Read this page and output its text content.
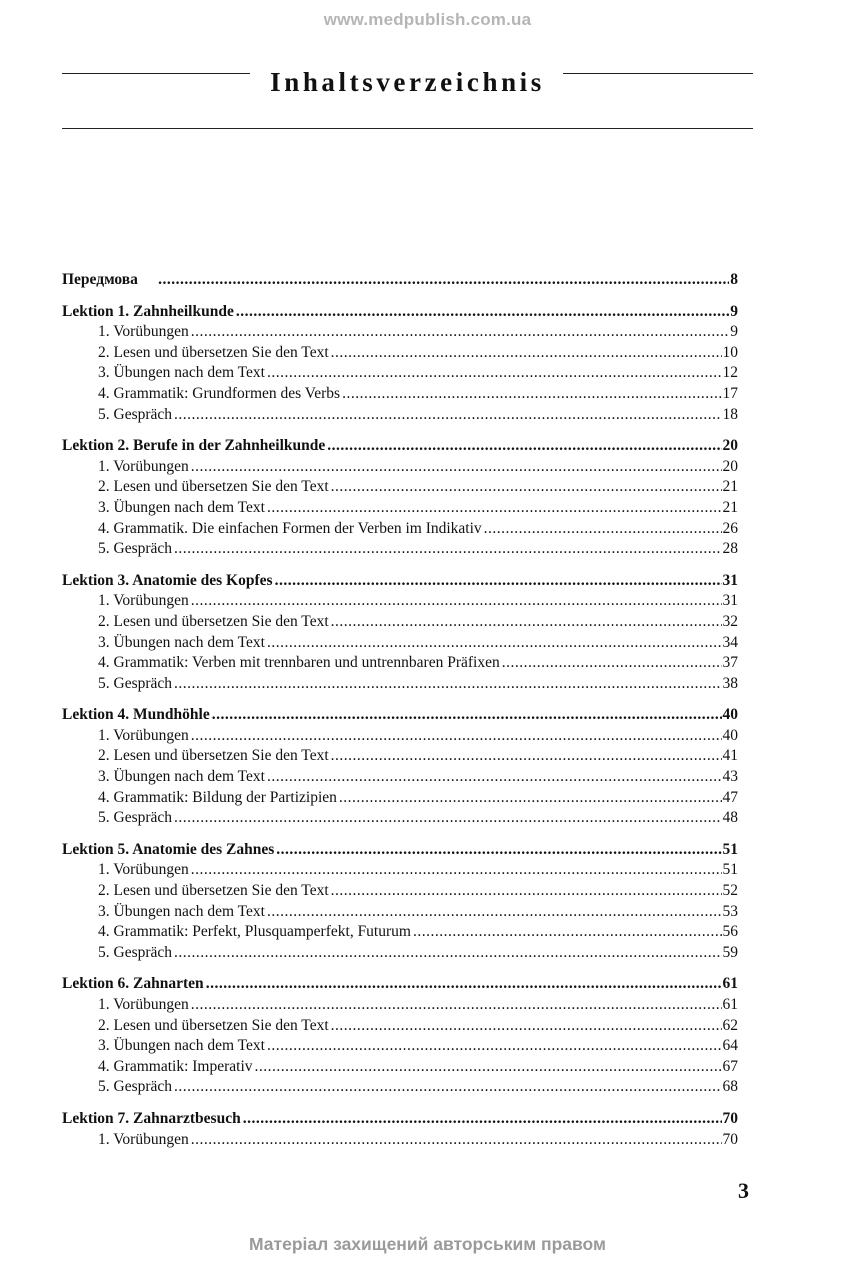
www.medpublish.com.ua
Inhaltsverzeichnis
Передмова .....	8
Lektion 1. Zahnheilkunde .....	9
1. Vorübungen .....	9
2. Lesen und übersetzen Sie den Text .....	10
3. Übungen nach dem Text .....	12
4. Grammatik: Grundformen des Verbs .....	17
5. Gespräch .....	18
Lektion 2. Berufe in der Zahnheilkunde .....	20
1. Vorübungen .....	20
2. Lesen und übersetzen Sie den Text .....	21
3. Übungen nach dem Text .....	21
4. Grammatik. Die einfachen Formen der Verben im Indikativ .....	26
5. Gespräch .....	28
Lektion 3. Anatomie des Kopfes .....	31
1. Vorübungen .....	31
2. Lesen und übersetzen Sie den Text .....	32
3. Übungen nach dem Text .....	34
4. Grammatik: Verben mit trennbaren und untrennbaren Präfixen .....	37
5. Gespräch .....	38
Lektion 4. Mundhöhle .....	40
1. Vorübungen .....	40
2. Lesen und übersetzen Sie den Text .....	41
3. Übungen nach dem Text .....	43
4. Grammatik: Bildung der Partizipien .....	47
5. Gespräch .....	48
Lektion 5. Anatomie des Zahnes .....	51
1. Vorübungen .....	51
2. Lesen und übersetzen Sie den Text .....	52
3. Übungen nach dem Text .....	53
4. Grammatik: Perfekt, Plusquamperfekt, Futurum .....	56
5. Gespräch .....	59
Lektion 6. Zahnarten .....	61
1. Vorübungen .....	61
2. Lesen und übersetzen Sie den Text .....	62
3. Übungen nach dem Text .....	64
4. Grammatik: Imperativ .....	67
5. Gespräch .....	68
Lektion 7. Zahnarztbesuch .....	70
1. Vorübungen .....	70
3
Матеріал захищений авторським правом
